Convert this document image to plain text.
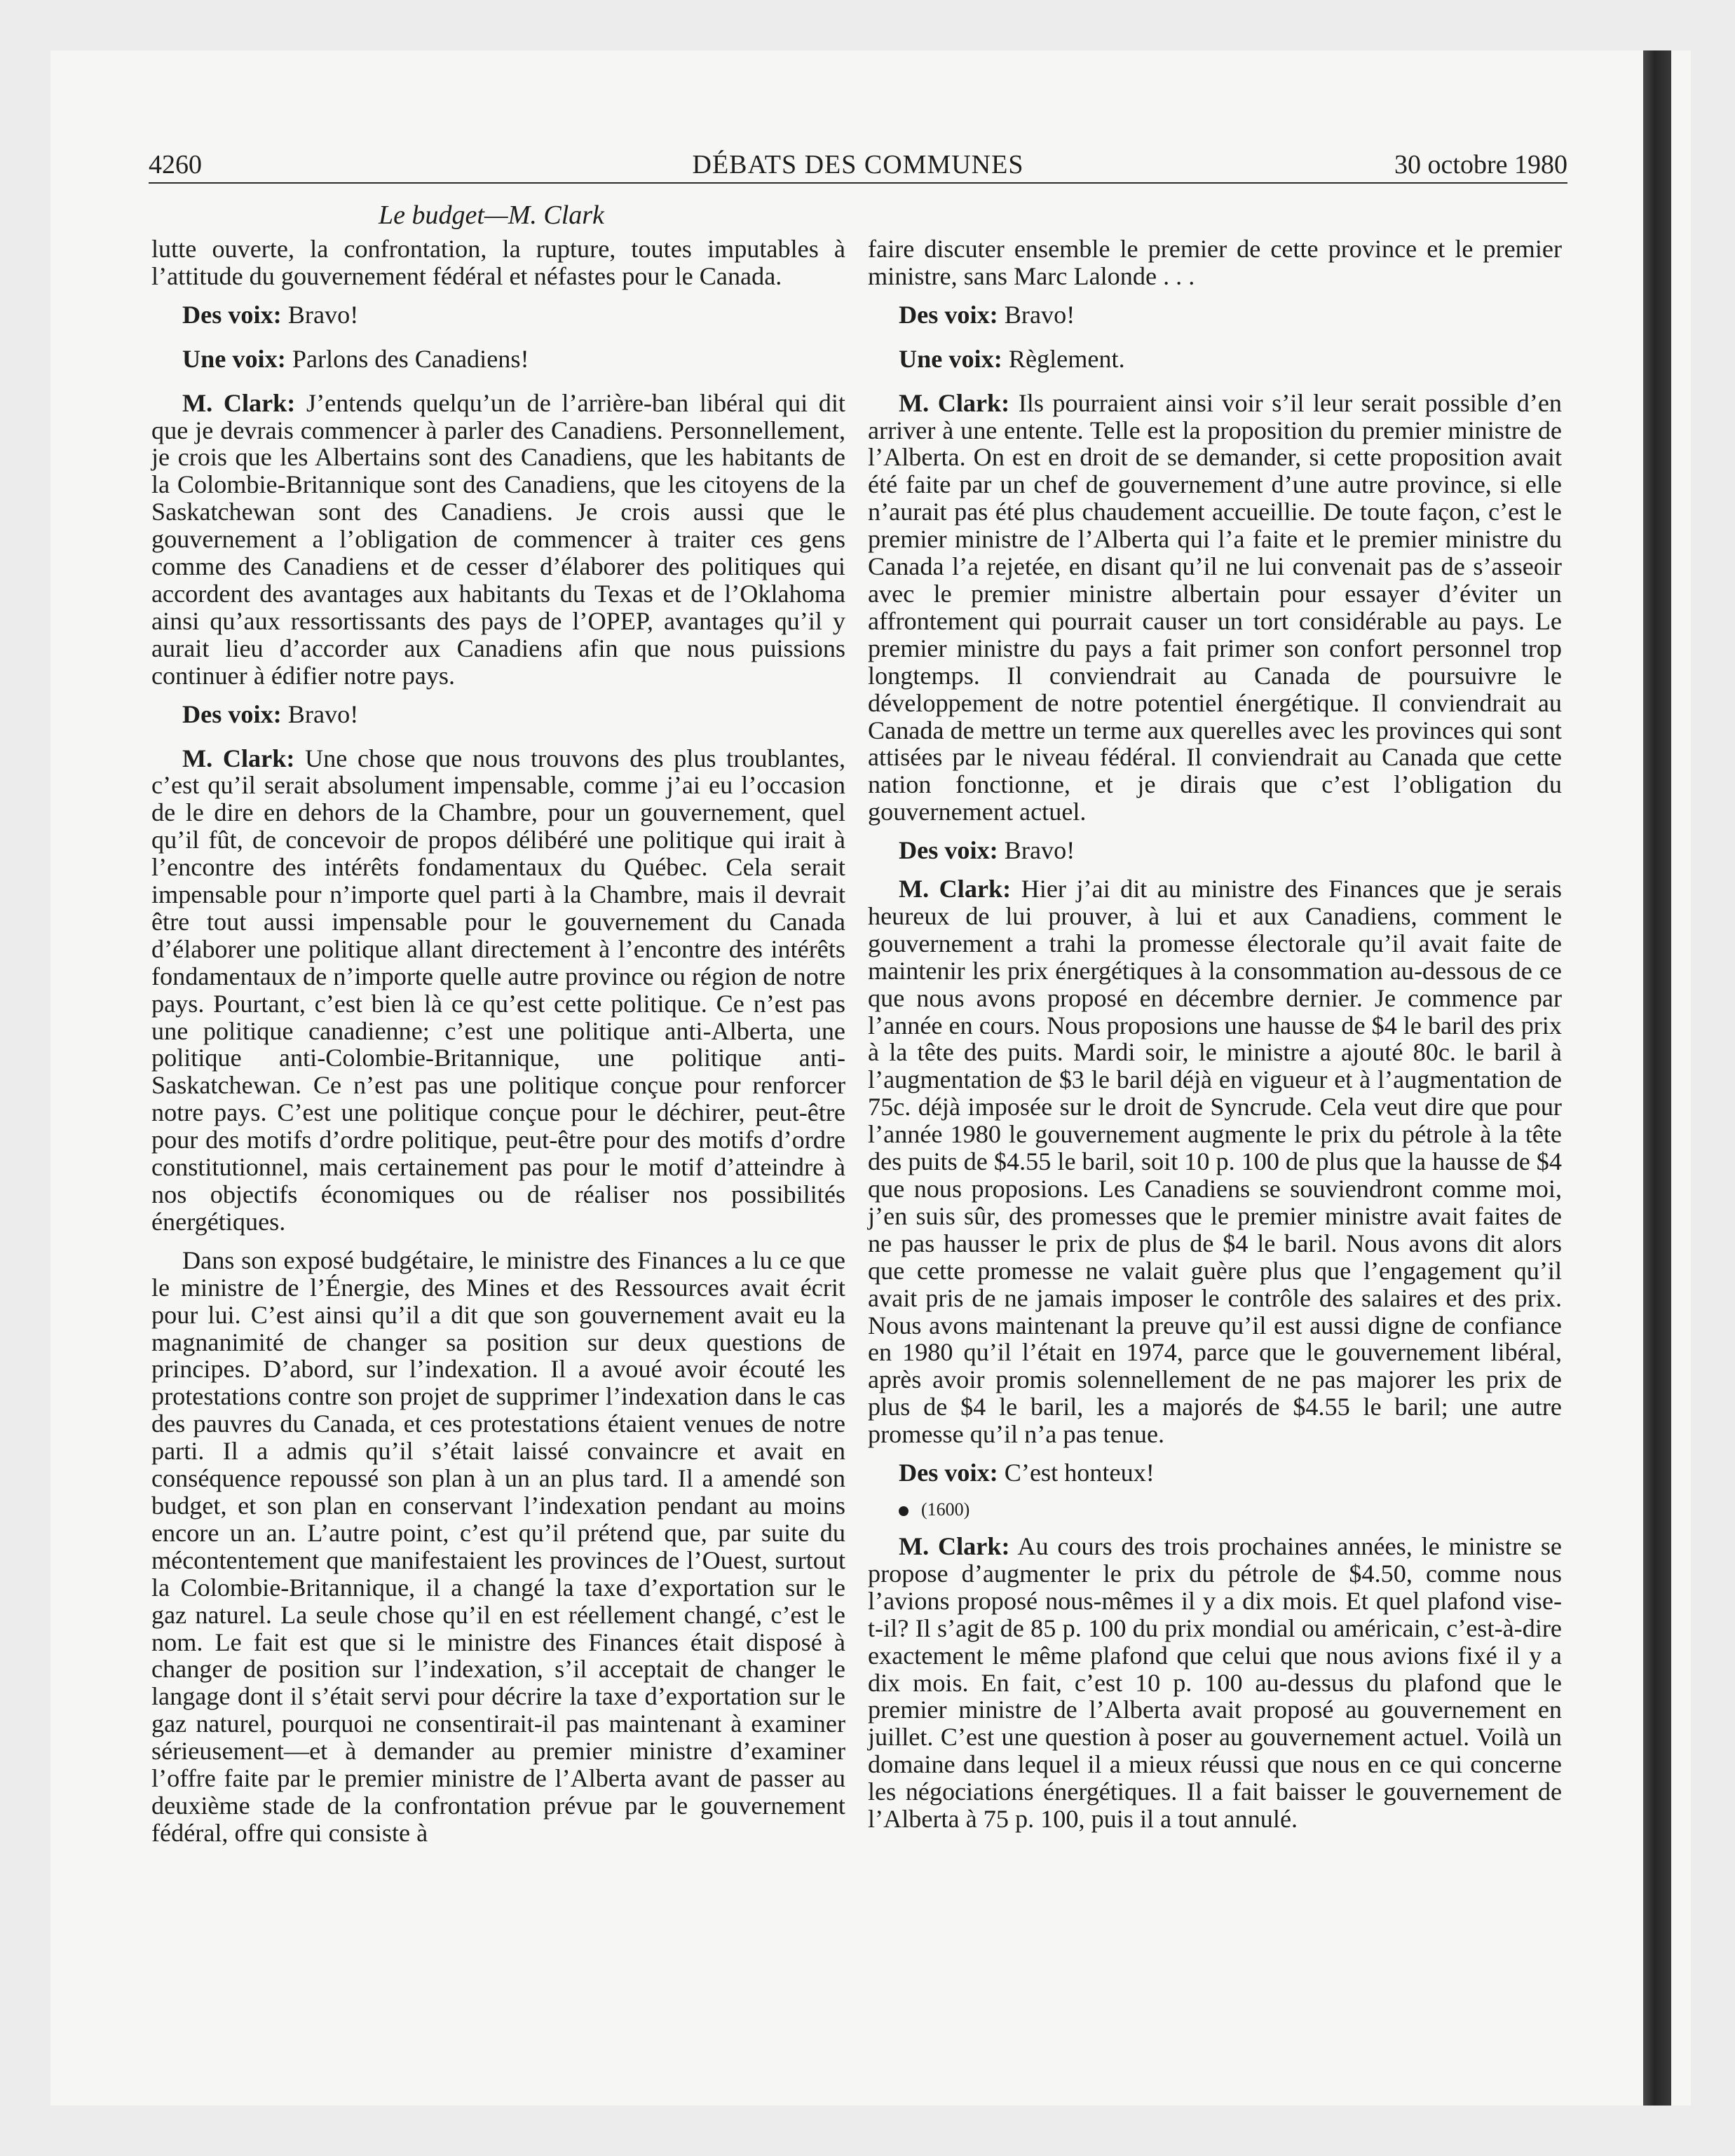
4260	DÉBATS DES COMMUNES	30 octobre 1980
Le budget—M. Clark

lutte ouverte, la confrontation, la rupture, toutes imputables à l’attitude du gouvernement fédéral et néfastes pour le Canada.

Des voix: Bravo!

Une voix: Parlons des Canadiens!

M. Clark: J’entends quelqu’un de l’arrière-ban libéral qui dit que je devrais commencer à parler des Canadiens. Personnellement, je crois que les Albertains sont des Canadiens, que les habitants de la Colombie-Britannique sont des Canadiens, que les citoyens de la Saskatchewan sont des Canadiens. Je crois aussi que le gouvernement a l’obligation de commencer à traiter ces gens comme des Canadiens et de cesser d’élaborer des politiques qui accordent des avantages aux habitants du Texas et de l’Oklahoma ainsi qu’aux ressortissants des pays de l’OPEP, avantages qu’il y aurait lieu d’accorder aux Canadiens afin que nous puissions continuer à édifier notre pays.

Des voix: Bravo!

M. Clark: Une chose que nous trouvons des plus troublantes, c’est qu’il serait absolument impensable, comme j’ai eu l’occasion de le dire en dehors de la Chambre, pour un gouvernement, quel qu’il fût, de concevoir de propos délibéré une politique qui irait à l’encontre des intérêts fondamentaux du Québec. Cela serait impensable pour n’importe quel parti à la Chambre, mais il devrait être tout aussi impensable pour le gouvernement du Canada d’élaborer une politique allant directement à l’encontre des intérêts fondamentaux de n’importe quelle autre province ou région de notre pays. Pourtant, c’est bien là ce qu’est cette politique. Ce n’est pas une politique canadienne; c’est une politique anti-Alberta, une politique anti-Colombie-Britannique, une politique anti-Saskatchewan. Ce n’est pas une politique conçue pour renforcer notre pays. C’est une politique conçue pour le déchirer, peut-être pour des motifs d’ordre politique, peut-être pour des motifs d’ordre constitutionnel, mais certainement pas pour le motif d’atteindre à nos objectifs économiques ou de réaliser nos possibilités énergétiques.

Dans son exposé budgétaire, le ministre des Finances a lu ce que le ministre de l’Énergie, des Mines et des Ressources avait écrit pour lui. C’est ainsi qu’il a dit que son gouvernement avait eu la magnanimité de changer sa position sur deux questions de principes. D’abord, sur l’indexation. Il a avoué avoir écouté les protestations contre son projet de supprimer l’indexation dans le cas des pauvres du Canada, et ces protestations étaient venues de notre parti. Il a admis qu’il s’était laissé convaincre et avait en conséquence repoussé son plan à un an plus tard. Il a amendé son budget, et son plan en conservant l’indexation pendant au moins encore un an. L’autre point, c’est qu’il prétend que, par suite du mécontentement que manifestaient les provinces de l’Ouest, surtout la Colombie-Britannique, il a changé la taxe d’exportation sur le gaz naturel. La seule chose qu’il en est réellement changé, c’est le nom. Le fait est que si le ministre des Finances était disposé à changer de position sur l’indexation, s’il acceptait de changer le langage dont il s’était servi pour décrire la taxe d’exportation sur le gaz naturel, pourquoi ne consentirait-il pas maintenant à examiner sérieusement—et à demander au premier ministre d’examiner l’offre faite par le premier ministre de l’Alberta avant de passer au deuxième stade de la confrontation prévue par le gouvernement fédéral, offre qui consiste à

faire discuter ensemble le premier de cette province et le premier ministre, sans Marc Lalonde . . .

Des voix: Bravo!

Une voix: Règlement.

M. Clark: Ils pourraient ainsi voir s’il leur serait possible d’en arriver à une entente. Telle est la proposition du premier ministre de l’Alberta. On est en droit de se demander, si cette proposition avait été faite par un chef de gouvernement d’une autre province, si elle n’aurait pas été plus chaudement accueillie. De toute façon, c’est le premier ministre de l’Alberta qui l’a faite et le premier ministre du Canada l’a rejetée, en disant qu’il ne lui convenait pas de s’asseoir avec le premier ministre albertain pour essayer d’éviter un affrontement qui pourrait causer un tort considérable au pays. Le premier ministre du pays a fait primer son confort personnel trop longtemps. Il conviendrait au Canada de poursuivre le développement de notre potentiel énergétique. Il conviendrait au Canada de mettre un terme aux querelles avec les provinces qui sont attisées par le niveau fédéral. Il conviendrait au Canada que cette nation fonctionne, et je dirais que c’est l’obligation du gouvernement actuel.

Des voix: Bravo!

M. Clark: Hier j’ai dit au ministre des Finances que je serais heureux de lui prouver, à lui et aux Canadiens, comment le gouvernement a trahi la promesse électorale qu’il avait faite de maintenir les prix énergétiques à la consommation au-dessous de ce que nous avons proposé en décembre dernier. Je commence par l’année en cours. Nous proposions une hausse de $4 le baril des prix à la tête des puits. Mardi soir, le ministre a ajouté 80c. le baril à l’augmentation de $3 le baril déjà en vigueur et à l’augmentation de 75c. déjà imposée sur le droit de Syncrude. Cela veut dire que pour l’année 1980 le gouvernement augmente le prix du pétrole à la tête des puits de $4.55 le baril, soit 10 p. 100 de plus que la hausse de $4 que nous proposions. Les Canadiens se souviendront comme moi, j’en suis sûr, des promesses que le premier ministre avait faites de ne pas hausser le prix de plus de $4 le baril. Nous avons dit alors que cette promesse ne valait guère plus que l’engagement qu’il avait pris de ne jamais imposer le contrôle des salaires et des prix. Nous avons maintenant la preuve qu’il est aussi digne de confiance en 1980 qu’il l’était en 1974, parce que le gouvernement libéral, après avoir promis solennellement de ne pas majorer les prix de plus de $4 le baril, les a majorés de $4.55 le baril; une autre promesse qu’il n’a pas tenue.

Des voix: C’est honteux!

(1600)

M. Clark: Au cours des trois prochaines années, le ministre se propose d’augmenter le prix du pétrole de $4.50, comme nous l’avions proposé nous-mêmes il y a dix mois. Et quel plafond vise-t-il? Il s’agit de 85 p. 100 du prix mondial ou américain, c’est-à-dire exactement le même plafond que celui que nous avions fixé il y a dix mois. En fait, c’est 10 p. 100 au-dessus du plafond que le premier ministre de l’Alberta avait proposé au gouvernement en juillet. C’est une question à poser au gouvernement actuel. Voilà un domaine dans lequel il a mieux réussi que nous en ce qui concerne les négociations énergétiques. Il a fait baisser le gouvernement de l’Alberta à 75 p. 100, puis il a tout annulé.
